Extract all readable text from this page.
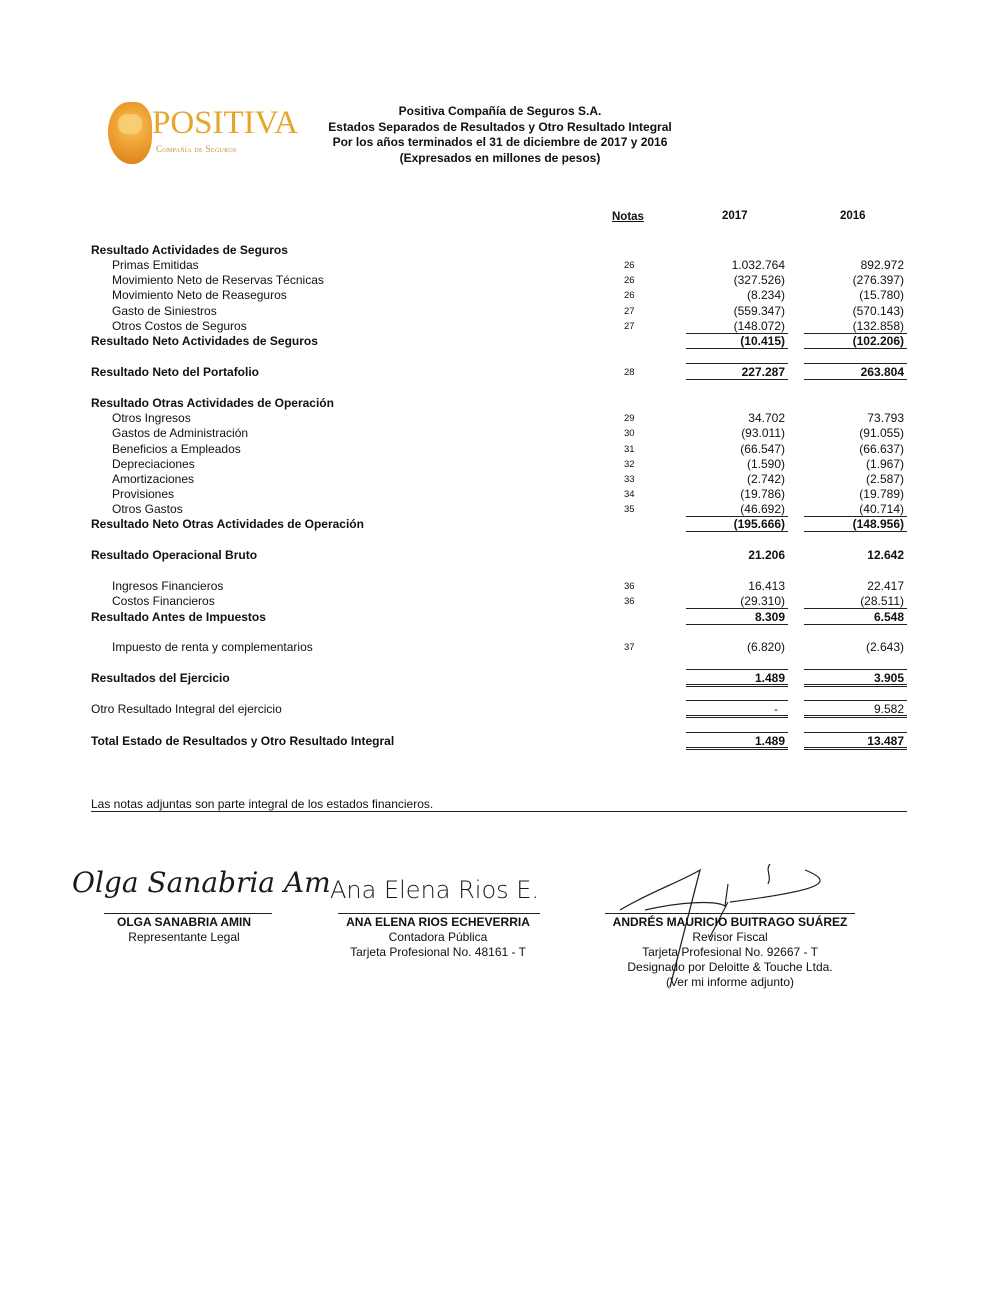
POSITIVA
Compañía de Seguros
Positiva Compañía de Seguros S.A.
Estados Separados de Resultados y Otro Resultado Integral
Por los años terminados el 31 de diciembre de 2017 y 2016
(Expresados en millones de pesos)
Notas	2017	2016
Resultado Actividades de Seguros
Primas Emitidas	26	1.032.764	892.972
Movimiento Neto de Reservas Técnicas	26	(327.526)	(276.397)
Movimiento Neto de Reaseguros	26	(8.234)	(15.780)
Gasto de Siniestros	27	(559.347)	(570.143)
Otros Costos de Seguros	27	(148.072)	(132.858)
Resultado Neto Actividades de Seguros	(10.415)	(102.206)
Resultado Neto del Portafolio	28	227.287	263.804
Resultado Otras Actividades de Operación
Otros Ingresos	29	34.702	73.793
Gastos de Administración	30	(93.011)	(91.055)
Beneficios a Empleados	31	(66.547)	(66.637)
Depreciaciones	32	(1.590)	(1.967)
Amortizaciones	33	(2.742)	(2.587)
Provisiones	34	(19.786)	(19.789)
Otros Gastos	35	(46.692)	(40.714)
Resultado Neto Otras Actividades de Operación	(195.666)	(148.956)
Resultado Operacional Bruto	21.206	12.642
Ingresos Financieros	36	16.413	22.417
Costos Financieros	36	(29.310)	(28.511)
Resultado Antes de Impuestos	8.309	6.548
Impuesto de renta y complementarios	37	(6.820)	(2.643)
Resultados del Ejercicio	1.489	3.905
Otro Resultado Integral del ejercicio	-	9.582
Total Estado de Resultados y Otro Resultado Integral	1.489	13.487
Las notas adjuntas son parte integral de los estados financieros.
Olga Sanabria Am
OLGA SANABRIA AMIN
Representante Legal
Ana Elena Rios E.
ANA ELENA RIOS ECHEVERRIA
Contadora Pública
Tarjeta Profesional No. 48161 - T
ANDRÉS MAURICIO BUITRAGO SUÁREZ
Revisor Fiscal
Tarjeta Profesional No. 92667 - T
Designado por Deloitte & Touche Ltda.
(Ver mi informe adjunto)
